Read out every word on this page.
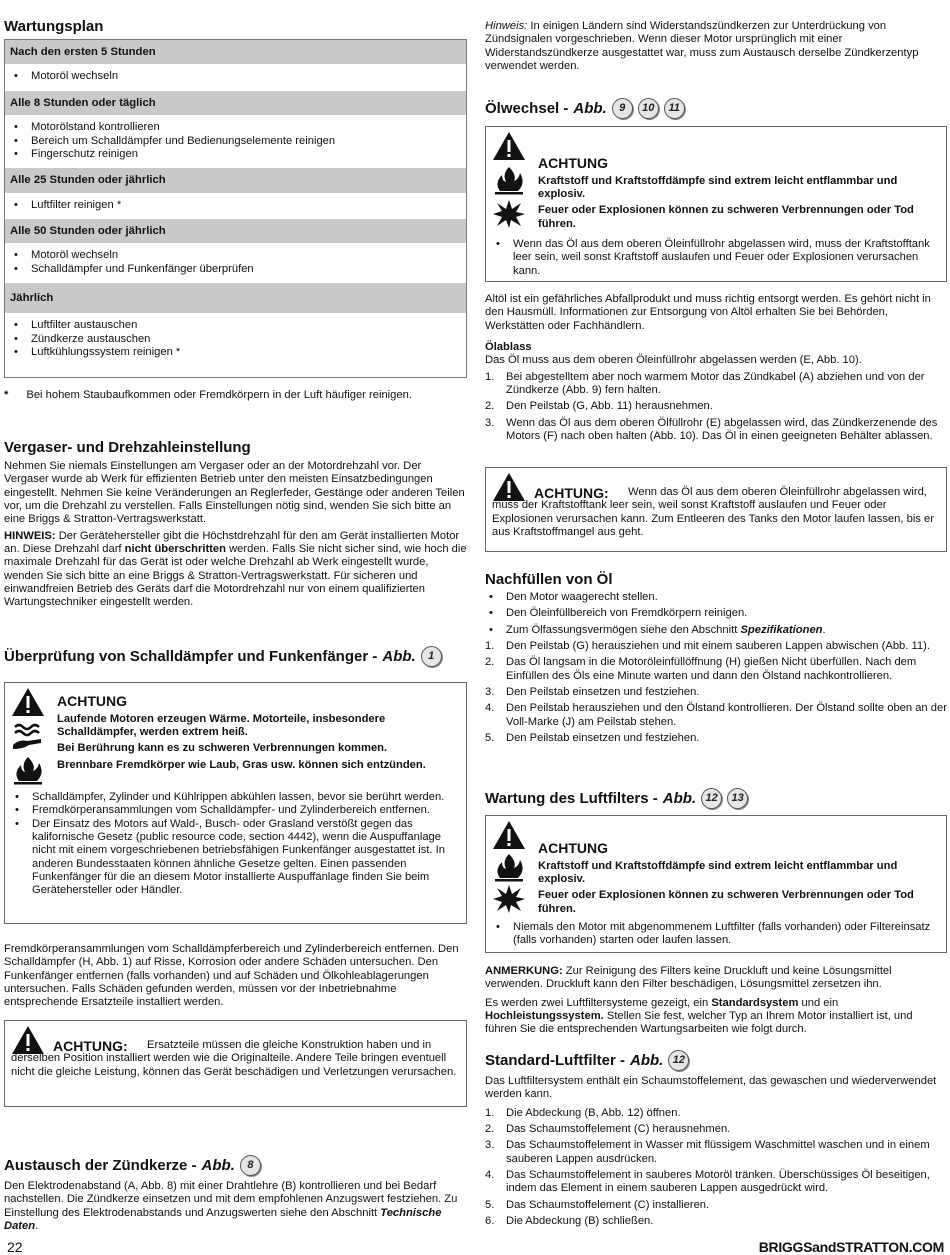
Wartungsplan
Nach den ersten 5 Stunden
• Motoröl wechseln
Alle 8 Stunden oder täglich
• Motorölstand kontrollieren
• Bereich um Schalldämpfer und Bedienungselemente reinigen
• Fingerschutz reinigen
Alle 25 Stunden oder jährlich
• Luftfilter reinigen *
Alle 50 Stunden oder jährlich
• Motoröl wechseln
• Schalldämpfer und Funkenfänger überprüfen
Jährlich
• Luftfilter austauschen
• Zündkerze austauschen
• Luftkühlungssystem reinigen *
* Bei hohem Staubaufkommen oder Fremdkörpern in der Luft häufiger reinigen.
Vergaser- und Drehzahleinstellung

Nehmen Sie niemals Einstellungen am Vergaser oder an der Motordrehzahl vor. Der Vergaser wurde ab Werk für effizienten Betrieb unter den meisten Einsatzbedingungen eingestellt. Nehmen Sie keine Veränderungen an Reglerfeder, Gestänge oder anderen Teilen vor, um die Drehzahl zu verstellen. Falls Einstellungen nötig sind, wenden Sie sich bitte an eine Briggs & Stratton-Vertragswerkstatt.

HINWEIS: Der Gerätehersteller gibt die Höchstdrehzahl für den am Gerät installierten Motor an. Diese Drehzahl darf nicht überschritten werden. Falls Sie nicht sicher sind, wie hoch die maximale Drehzahl für das Gerät ist oder welche Drehzahl ab Werk eingestellt wurde, wenden Sie sich bitte an eine Briggs & Stratton-Vertragswerkstatt. Für sicheren und einwandfreien Betrieb des Geräts darf die Motordrehzahl nur von einem qualifizierten Wartungstechniker eingestellt werden.

Überprüfung von Schalldämpfer und Funkenfänger - Abb.	1
ACHTUNG

Laufende Motoren erzeugen Wärme. Motorteile, insbesondere Schalldämpfer, werden extrem heiß.

Bei Berührung kann es zu schweren Verbrennungen kommen.

Brennbare Fremdkörper wie Laub, Gras usw. können sich entzünden.

• Schalldämpfer, Zylinder und Kühlrippen abkühlen lassen, bevor sie berührt werden.
• Fremdkörperansammlungen vom Schalldämpfer- und Zylinderbereich entfernen.
• Der Einsatz des Motors auf Wald-, Busch- oder Grasland verstößt gegen das kalifornische Gesetz (public resource code, section 4442), wenn die Auspuffanlage nicht mit einem vorgeschriebenen betriebsfähigen Funkenfänger ausgestattet ist. In anderen Bundesstaaten können ähnliche Gesetze gelten. Einen passenden Funkenfänger für die an diesem Motor installierte Auspuffanlage finden Sie beim Gerätehersteller oder Händler.

Fremdkörperansammlungen vom Schalldämpferbereich und Zylinderbereich entfernen. Den Schalldämpfer (H, Abb. 1) auf Risse, Korrosion oder andere Schäden untersuchen. Den Funkenfänger entfernen (falls vorhanden) und auf Schäden und Ölkohleablagerungen untersuchen. Falls Schäden gefunden werden, müssen vor der Inbetriebnahme entsprechende Ersatzteile installiert werden.

ACHTUNG:	Ersatzteile müssen die gleiche Konstruktion haben und in derselben Position installiert werden wie die Originalteile. Andere Teile bringen eventuell nicht die gleiche Leistung, können das Gerät beschädigen und Verletzungen verursachen.

Austausch der Zündkerze - Abb.	8

Den Elektrodenabstand (A, Abb. 8) mit einer Drahtlehre (B) kontrollieren und bei Bedarf nachstellen. Die Zündkerze einsetzen und mit dem empfohlenen Anzugswert festziehen. Zu Einstellung des Elektrodenabstands und Anzugswerten siehe den Abschnitt Technische Daten.

Hinweis: In einigen Ländern sind Widerstandszündkerzen zur Unterdrückung von Zündsignalen vorgeschrieben. Wenn dieser Motor ursprünglich mit einer Widerstandszündkerze ausgestattet war, muss zum Austausch derselbe Zündkerzentyp verwendet werden.

Ölwechsel - Abb.	9	10	11
ACHTUNG

Kraftstoff und Kraftstoffdämpfe sind extrem leicht entflammbar und explosiv.

Feuer oder Explosionen können zu schweren Verbrennungen oder Tod führen.

• Wenn das Öl aus dem oberen Öleinfüllrohr abgelassen wird, muss der Kraftstofftank leer sein, weil sonst Kraftstoff auslaufen und Feuer oder Explosionen verursachen kann.

Altöl ist ein gefährliches Abfallprodukt und muss richtig entsorgt werden. Es gehört nicht in den Hausmüll. Informationen zur Entsorgung von Altöl erhalten Sie bei Behörden, Werkstätten oder Fachhändlern.

Ölablass

Das Öl muss aus dem oberen Öleinfüllrohr abgelassen werden (E, Abb. 10).

1.	Bei abgestelltem aber noch warmem Motor das Zündkabel (A) abziehen und von der Zündkerze (Abb. 9) fern halten.
2.	Den Peilstab (G, Abb. 11) herausnehmen.
3.	Wenn das Öl aus dem oberen Ölfüllrohr (E) abgelassen wird, das Zündkerzenende des Motors (F) nach oben halten (Abb. 10). Das Öl in einen geeigneten Behälter ablassen.
ACHTUNG:	Wenn das Öl aus dem oberen Öleinfüllrohr abgelassen wird, muss der Kraftstofftank leer sein, weil sonst Kraftstoff auslaufen und Feuer oder Explosionen verursachen kann. Zum Entleeren des Tanks den Motor laufen lassen, bis er aus Kraftstoffmangel aus geht.

Nachfüllen von Öl
• Den Motor waagerecht stellen.
• Den Öleinfüllbereich von Fremdkörpern reinigen.
• Zum Ölfassungsvermögen siehe den Abschnitt Spezifikationen.
1.	Den Peilstab (G) herausziehen und mit einem sauberen Lappen abwischen (Abb. 11).
2.	Das Öl langsam in die Motoröleinfüllöffnung (H) gießen Nicht überfüllen. Nach dem Einfüllen des Öls eine Minute warten und dann den Ölstand nachkontrollieren.
3.	Den Peilstab einsetzen und festziehen.
4.	Den Peilstab herausziehen und den Ölstand kontrollieren. Der Ölstand sollte oben an der Voll-Marke (J) am Peilstab stehen.
5.	Den Peilstab einsetzen und festziehen.
Wartung des Luftfilters - Abb. 12	13
ACHTUNG

Kraftstoff und Kraftstoffdämpfe sind extrem leicht entflammbar und explosiv.

Feuer oder Explosionen können zu schweren Verbrennungen oder Tod führen.

• Niemals den Motor mit abgenommenem Luftfilter (falls vorhanden) oder Filtereinsatz (falls vorhanden) starten oder laufen lassen.

ANMERKUNG: Zur Reinigung des Filters keine Druckluft und keine Lösungsmittel verwenden. Druckluft kann den Filter beschädigen, Lösungsmittel zersetzen ihn.

Es werden zwei Luftfiltersysteme gezeigt, ein Standardsystem und ein Hochleistungssystem. Stellen Sie fest, welcher Typ an Ihrem Motor installiert ist, und führen Sie die entsprechenden Wartungsarbeiten wie folgt durch.

Standard-Luftfilter - Abb. 12

Das Luftfiltersystem enthält ein Schaumstoffelement, das gewaschen und wiederverwendet werden kann.

1.	Die Abdeckung (B, Abb. 12) öffnen.
2.	Das Schaumstoffelement (C) herausnehmen.
3.	Das Schaumstoffelement in Wasser mit flüssigem Waschmittel waschen und in einem sauberen Lappen ausdrücken.
4.	Das Schaumstoffelement in sauberes Motoröl tränken. Überschüssiges Öl beseitigen, indem das Element in einem sauberen Lappen ausgedrückt wird.
5.	Das Schaumstoffelement (C) installieren.
6.	Die Abdeckung (B) schließen.
22	BRIGGSandSTRATTON.COM
